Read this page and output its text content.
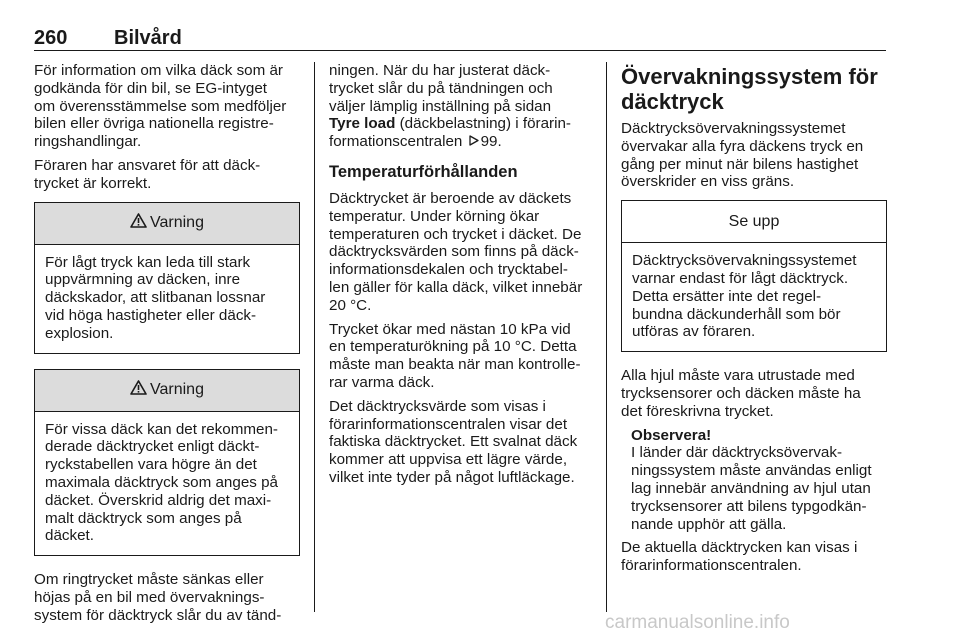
260 Bilvård

För information om vilka däck som är
godkända för din bil, se EG-intyget
om överensstämmelse som medföljer
bilen eller övriga nationella registre-
ringshandlingar.

Föraren har ansvaret för att däck-
trycket är korrekt.

Varning
För lågt tryck kan leda till stark
uppvärmning av däcken, inre
däckskador, att slitbanan lossnar
vid höga hastigheter eller däck-
explosion.
Varning
För vissa däck kan det rekommen-
derade däcktrycket enligt däckt-
ryckstabellen vara högre än det
maximala däcktryck som anges på
däcket. Överskrid aldrig det maxi-
malt däcktryck som anges på
däcket.

Om ringtrycket måste sänkas eller
höjas på en bil med övervaknings-
system för däcktryck slår du av tänd-

ningen. När du har justerat däck-
trycket slår du på tändningen och
väljer lämplig inställning på sidan
Tyre load (däckbelastning) i förarin-
formationscentralen 99.

Temperaturförhållanden

Däcktrycket är beroende av däckets
temperatur. Under körning ökar
temperaturen och trycket i däcket. De
däcktrycksvärden som finns på däck-
informationsdekalen och trycktabel-
len gäller för kalla däck, vilket innebär
20 °C.

Trycket ökar med nästan 10 kPa vid
en temperaturökning på 10 °C. Detta
måste man beakta när man kontrolle-
rar varma däck.

Det däcktrycksvärde som visas i
förarinformationscentralen visar det
faktiska däcktrycket. Ett svalnat däck
kommer att uppvisa ett lägre värde,
vilket inte tyder på något luftläckage.

Övervakningssystem för
däcktryck

Däcktrycksövervakningssystemet
övervakar alla fyra däckens tryck en
gång per minut när bilens hastighet
överskrider en viss gräns.

Se upp
Däcktrycksövervakningssystemet
varnar endast för lågt däcktryck.
Detta ersätter inte det regel-
bundna däckunderhåll som bör
utföras av föraren.

Alla hjul måste vara utrustade med
trycksensorer och däcken måste ha
det föreskrivna trycket.

Observera!
I länder där däcktrycksövervak-
ningssystem måste användas enligt
lag innebär användning av hjul utan
trycksensorer att bilens typgodkän-
nande upphör att gälla.

De aktuella däcktrycken kan visas i
förarinformationscentralen.

carmanualsonline.info
